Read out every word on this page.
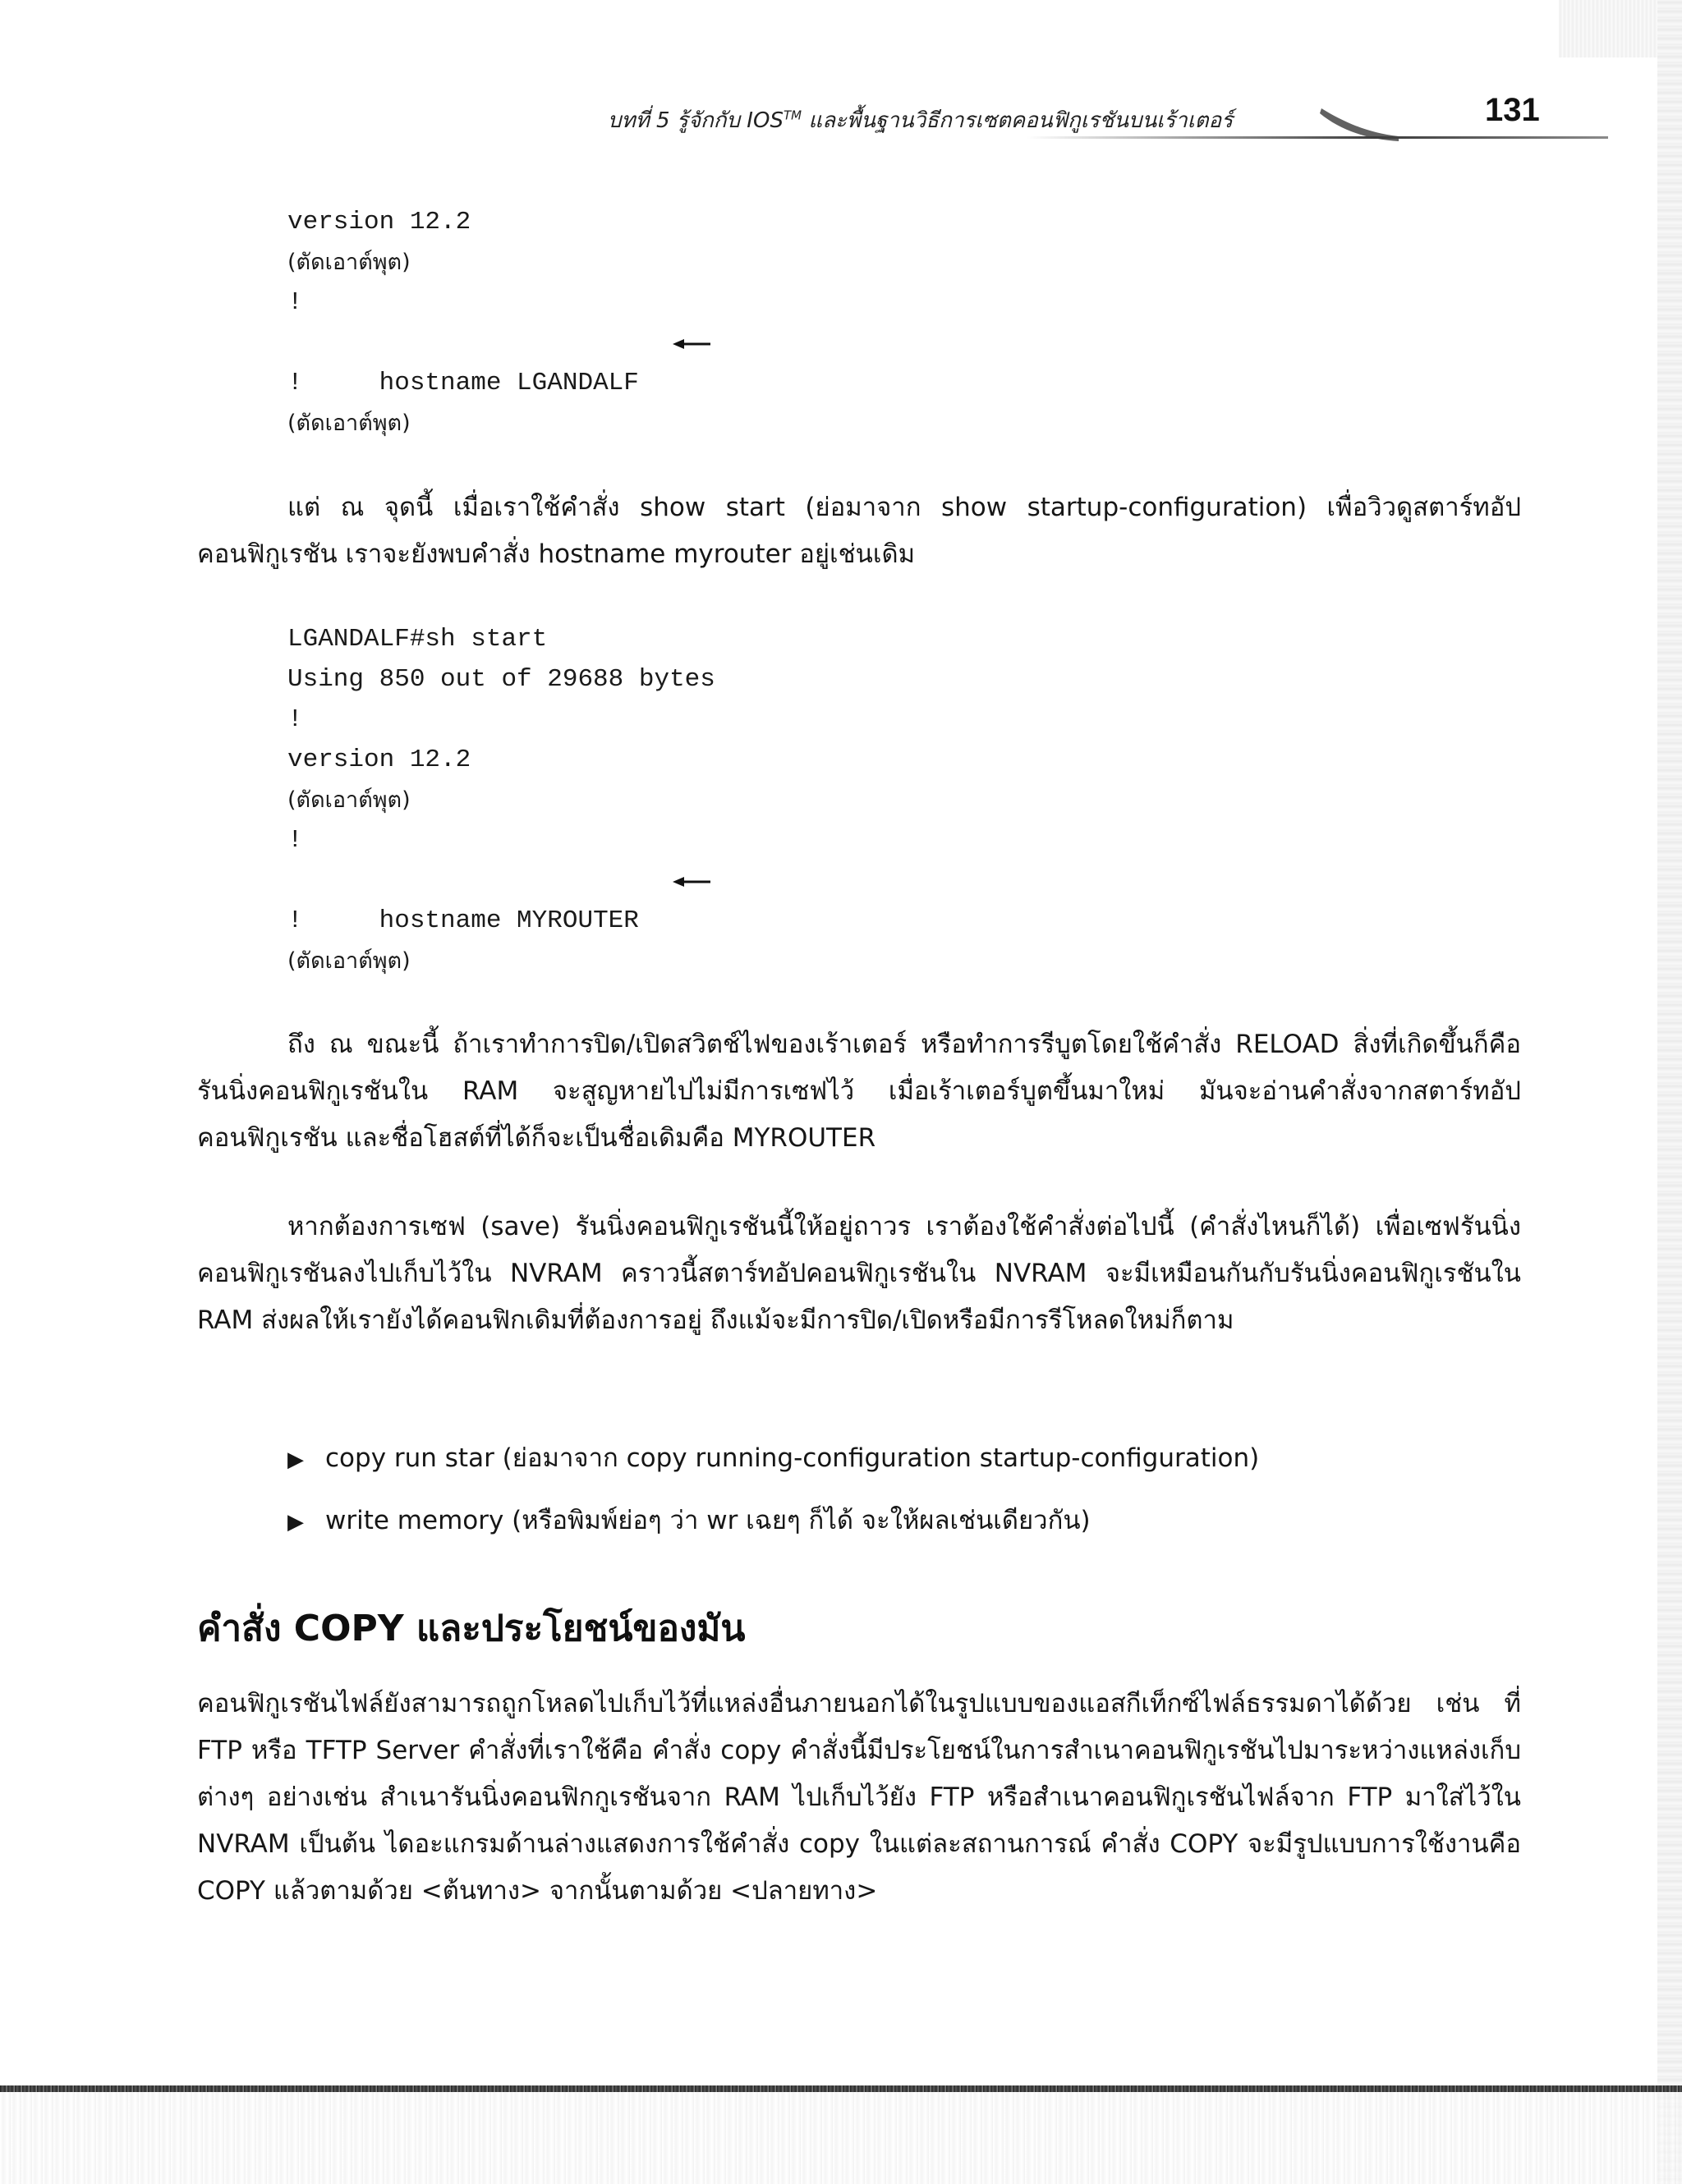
บทที่ 5 รู้จักกับ IOS™ และพื้นฐานวิธีการเซตคอนฟิกูเรชันบนเร้าเตอร์	131
version 12.2
(ตัดเอาต์พุต)
!

hostname LGANDALF

!
(ตัดเอาต์พุต)
แต่ ณ จุดนี้ เมื่อเราใช้คำสั่ง show start (ย่อมาจาก show startup-configuration) เพื่อวิวดูสตาร์ทอัปคอนฟิกูเรชัน เราจะยังพบคำสั่ง hostname myrouter อยู่เช่นเดิม
LGANDALF#sh start
Using 850 out of 29688 bytes
!
version 12.2
(ตัดเอาต์พุต)
!

hostname MYROUTER

!
(ตัดเอาต์พุต)
ถึง ณ ขณะนี้ ถ้าเราทำการปิด/เปิดสวิตช์ไฟของเร้าเตอร์ หรือทำการรีบูตโดยใช้คำสั่ง RELOAD สิ่งที่เกิดขึ้นก็คือ รันนิ่งคอนฟิกูเรชันใน RAM จะสูญหายไปไม่มีการเซฟไว้ เมื่อเร้าเตอร์บูตขึ้นมาใหม่ มันจะอ่านคำสั่งจากสตาร์ทอัปคอนฟิกูเรชัน และชื่อโฮสต์ที่ได้ก็จะเป็นชื่อเดิมคือ MYROUTER
หากต้องการเซฟ (save) รันนิ่งคอนฟิกูเรชันนี้ให้อยู่ถาวร เราต้องใช้คำสั่งต่อไปนี้ (คำสั่งไหนก็ได้) เพื่อเซฟรันนิ่งคอนฟิกูเรชันลงไปเก็บไว้ใน NVRAM คราวนี้สตาร์ทอัปคอนฟิกูเรชันใน NVRAM จะมีเหมือนกันกับรันนิ่งคอนฟิกูเรชันใน RAM ส่งผลให้เรายังได้คอนฟิกเดิมที่ต้องการอยู่ ถึงแม้จะมีการปิด/เปิดหรือมีการรีโหลดใหม่ก็ตาม
▶ copy run star (ย่อมาจาก copy running-configuration startup-configuration)
▶ write memory (หรือพิมพ์ย่อๆ ว่า wr เฉยๆ ก็ได้ จะให้ผลเช่นเดียวกัน)
คำสั่ง COPY และประโยชน์ของมัน
คอนฟิกูเรชันไฟล์ยังสามารถถูกโหลดไปเก็บไว้ที่แหล่งอื่นภายนอกได้ในรูปแบบของแอสกีเท็กซ์ไฟล์ธรรมดาได้ด้วย เช่น ที่ FTP หรือ TFTP Server คำสั่งที่เราใช้คือ คำสั่ง copy คำสั่งนี้มีประโยชน์ในการสำเนาคอนฟิกูเรชันไปมาระหว่างแหล่งเก็บต่างๆ อย่างเช่น สำเนารันนิ่งคอนฟิกกูเรชันจาก RAM ไปเก็บไว้ยัง FTP หรือสำเนาคอนฟิกูเรชันไฟล์จาก FTP มาใส่ไว้ใน NVRAM เป็นต้น ไดอะแกรมด้านล่างแสดงการใช้คำสั่ง copy ในแต่ละสถานการณ์ คำสั่ง COPY จะมีรูปแบบการใช้งานคือ COPY แล้วตามด้วย <ต้นทาง> จากนั้นตามด้วย <ปลายทาง>
